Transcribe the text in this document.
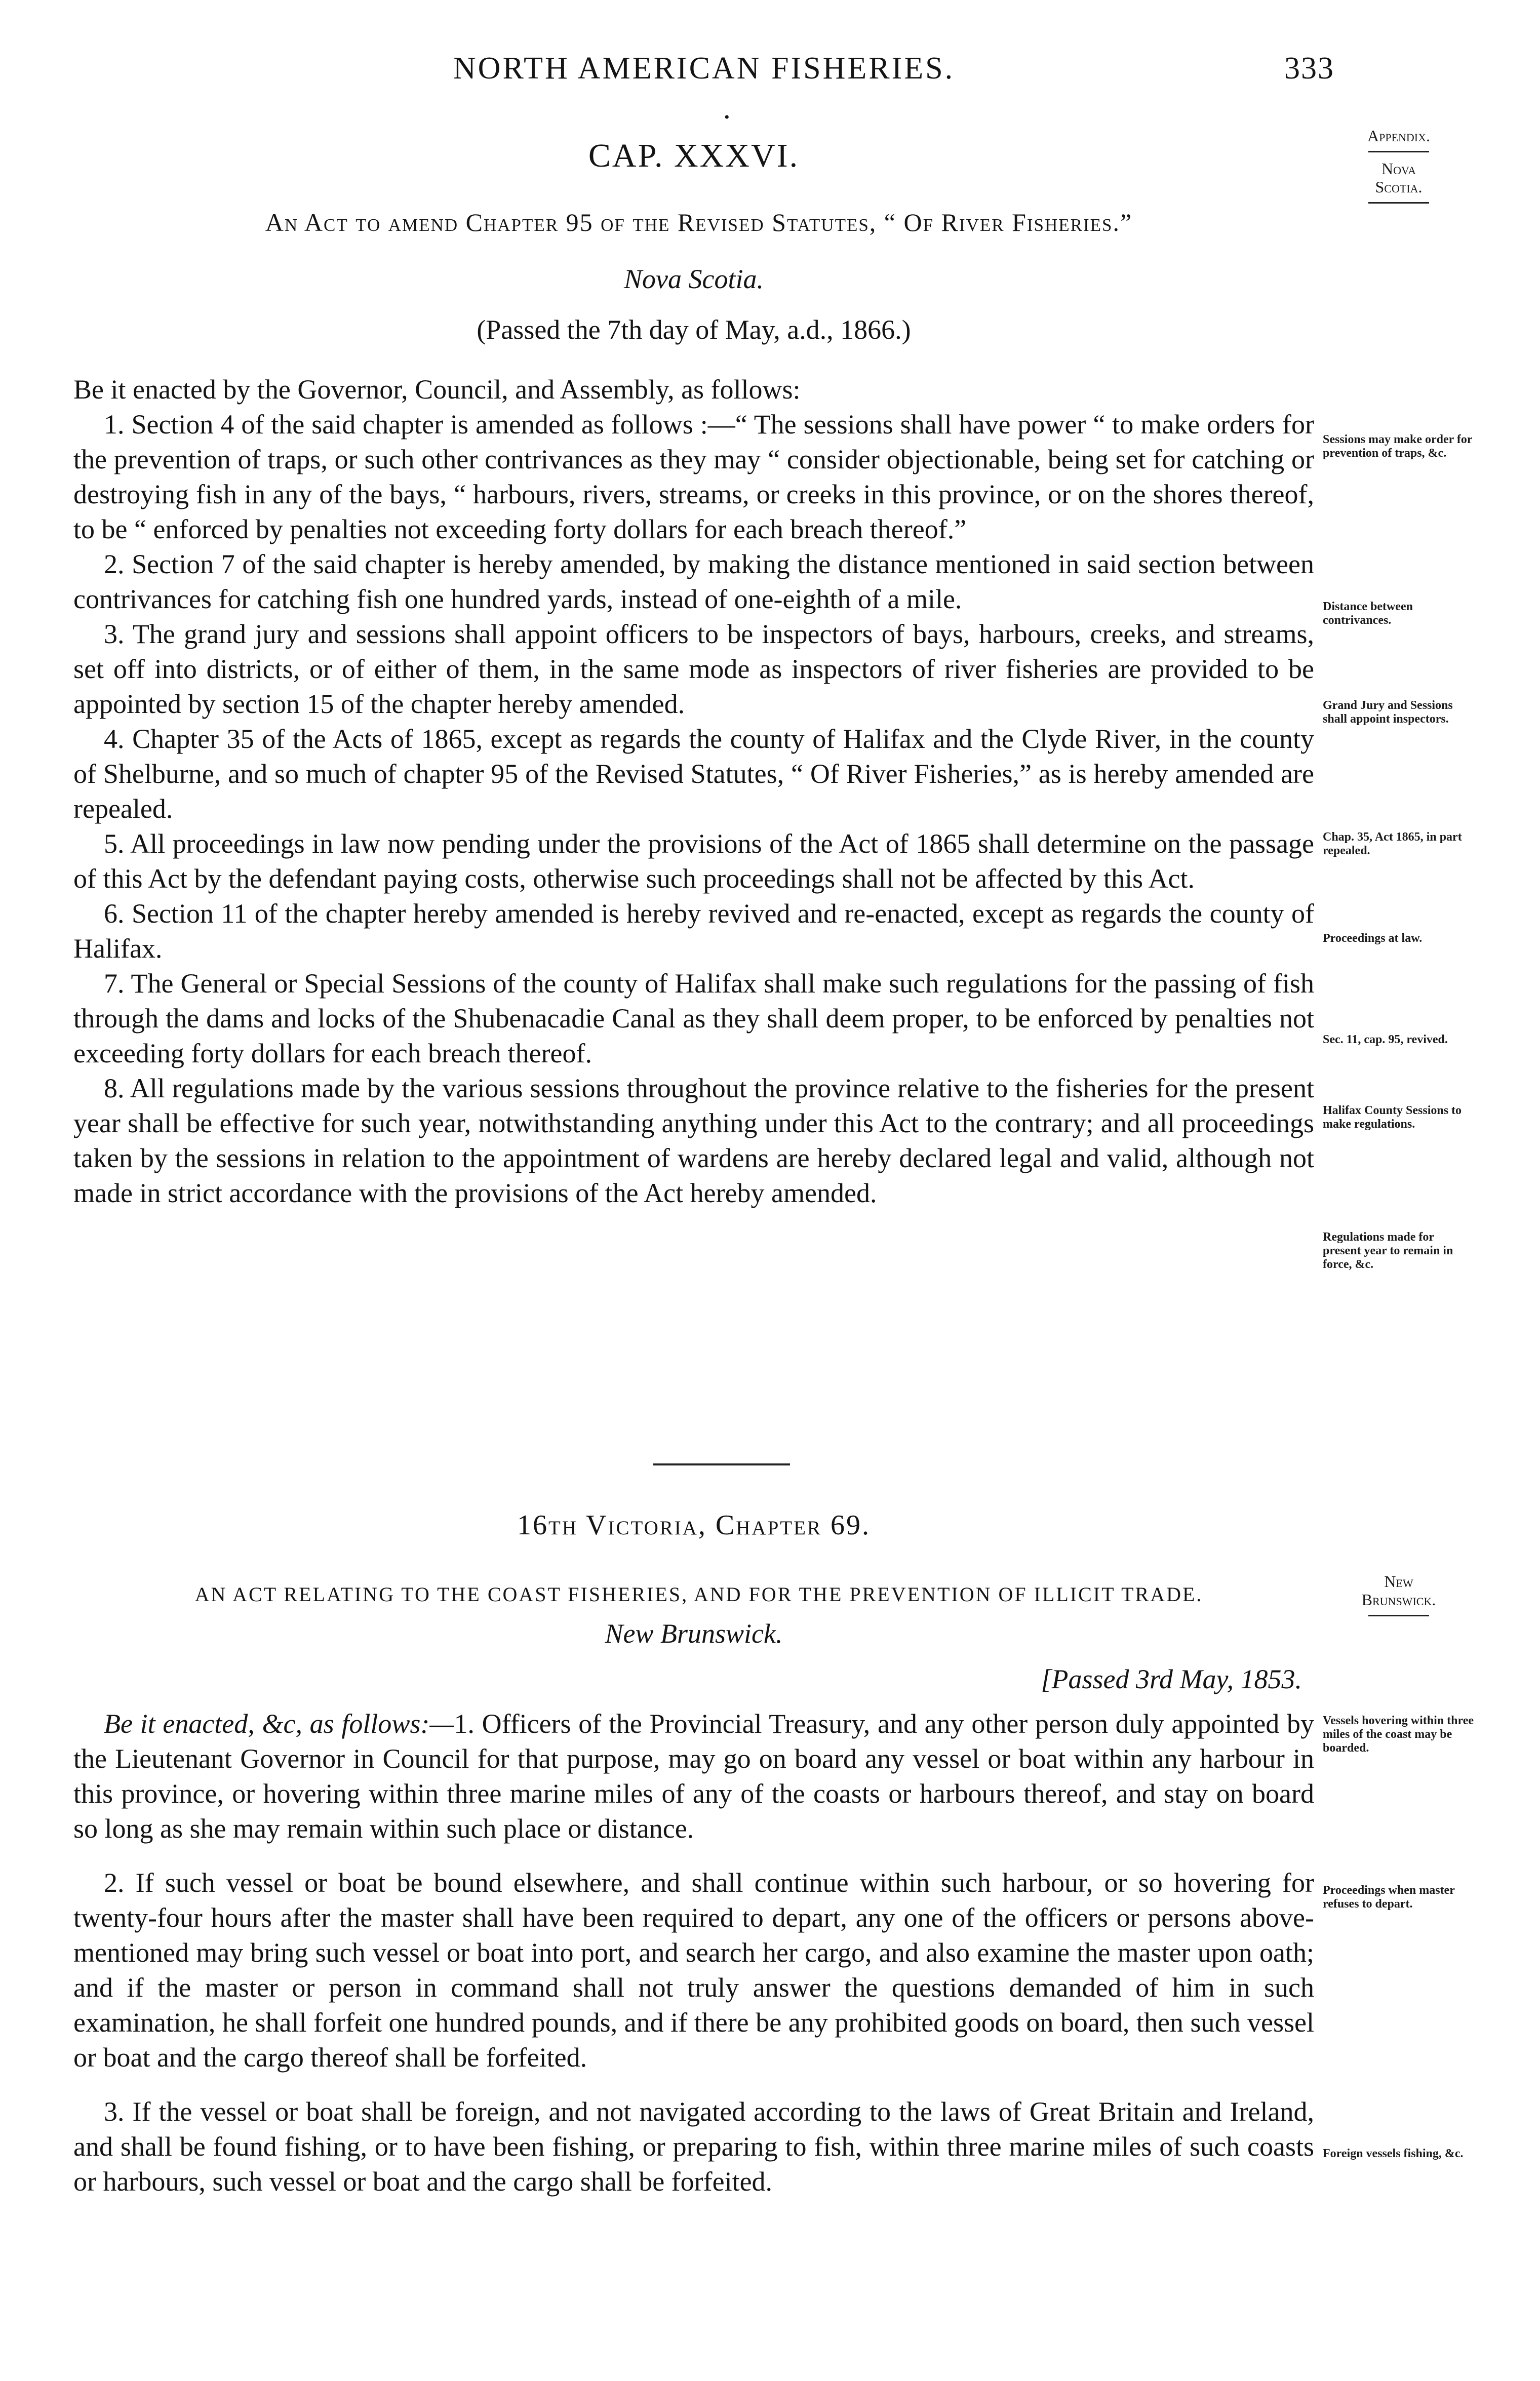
NORTH AMERICAN FISHERIES.	333
•
Appendix.
Nova
Scotia.
CAP. XXXVI.
An Act to amend Chapter 95 of the Revised Statutes, “ Of River Fisheries.”
Nova Scotia.
(Passed the 7th day of May, a.d., 1866.)

Be it enacted by the Governor, Council, and Assembly, as follows:

1. Section 4 of the said chapter is amended as follows :—“ The sessions shall have power “ to make orders for the prevention of traps, or such other contrivances as they may “ consider objectionable, being set for catching or destroying fish in any of the bays, “ harbours, rivers, streams, or creeks in this province, or on the shores thereof, to be “ enforced by penalties not exceeding forty dollars for each breach thereof.”

2. Section 7 of the said chapter is hereby amended, by making the distance mentioned in said section between contrivances for catching fish one hundred yards, instead of one-eighth of a mile.

3. The grand jury and sessions shall appoint officers to be inspectors of bays, harbours, creeks, and streams, set off into districts, or of either of them, in the same mode as inspectors of river fisheries are provided to be appointed by section 15 of the chapter hereby amended.

4. Chapter 35 of the Acts of 1865, except as regards the county of Halifax and the Clyde River, in the county of Shelburne, and so much of chapter 95 of the Revised Statutes, “ Of River Fisheries,” as is hereby amended are repealed.

5. All proceedings in law now pending under the provisions of the Act of 1865 shall determine on the passage of this Act by the defendant paying costs, otherwise such proceedings shall not be affected by this Act.

6. Section 11 of the chapter hereby amended is hereby revived and re-enacted, except as regards the county of Halifax.

7. The General or Special Sessions of the county of Halifax shall make such regulations for the passing of fish through the dams and locks of the Shubenacadie Canal as they shall deem proper, to be enforced by penalties not exceeding forty dollars for each breach thereof.

8. All regulations made by the various sessions throughout the province relative to the fisheries for the present year shall be effective for such year, notwithstanding anything under this Act to the contrary; and all proceedings taken by the sessions in relation to the appointment of wardens are hereby declared legal and valid, although not made in strict accordance with the provisions of the Act hereby amended.

Sessions may make order for prevention of traps, &c.
Distance between contrivances.
Grand Jury and Sessions shall appoint inspectors.
Chap. 35, Act 1865, in part repealed.
Proceedings at law.
Sec. 11, cap. 95, revived.
Halifax County Sessions to make regulations.
Regulations made for present year to remain in force, &c.
16th Victoria, Chapter 69.
AN ACT RELATING TO THE COAST FISHERIES, AND FOR THE PREVENTION OF ILLICIT TRADE.
New
Brunswick.
New Brunswick.
[Passed 3rd May, 1853.

Be it enacted, &c, as follows:—1. Officers of the Provincial Treasury, and any other person duly appointed by the Lieutenant Governor in Council for that purpose, may go on board any vessel or boat within any harbour in this province, or hovering within three marine miles of any of the coasts or harbours thereof, and stay on board so long as she may remain within such place or distance.

2. If such vessel or boat be bound elsewhere, and shall continue within such harbour, or so hovering for twenty-four hours after the master shall have been required to depart, any one of the officers or persons above-mentioned may bring such vessel or boat into port, and search her cargo, and also examine the master upon oath; and if the master or person in command shall not truly answer the questions demanded of him in such examination, he shall forfeit one hundred pounds, and if there be any prohibited goods on board, then such vessel or boat and the cargo thereof shall be forfeited.

3. If the vessel or boat shall be foreign, and not navigated according to the laws of Great Britain and Ireland, and shall be found fishing, or to have been fishing, or preparing to fish, within three marine miles of such coasts or harbours, such vessel or boat and the cargo shall be forfeited.

Vessels hovering within three miles of the coast may be boarded.
Proceedings when master refuses to depart.
Foreign vessels fishing, &c.
